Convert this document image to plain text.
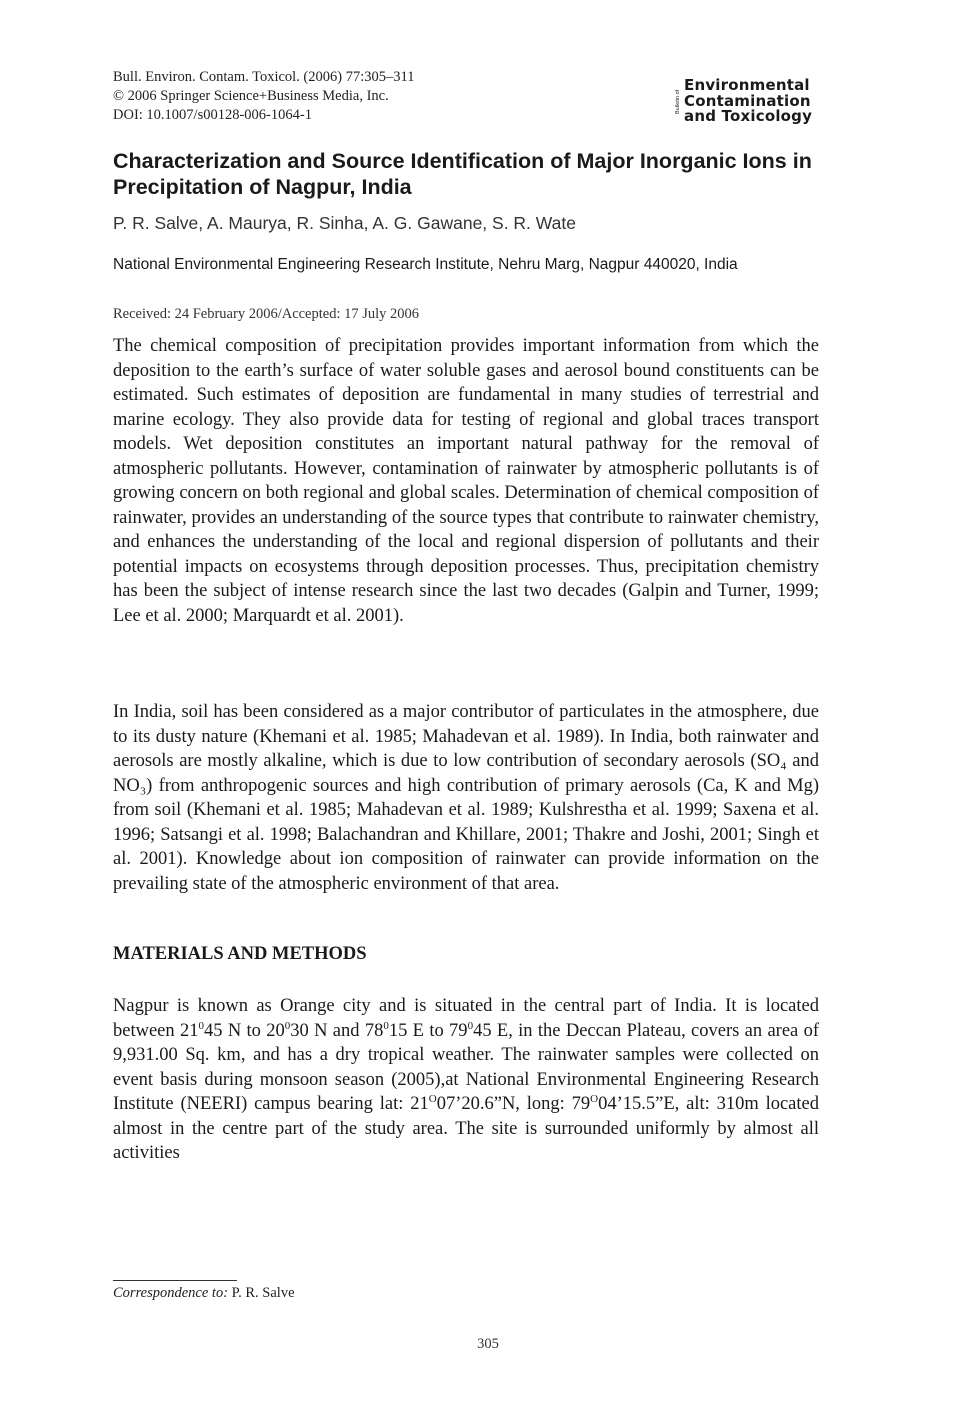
Bull. Environ. Contam. Toxicol. (2006) 77:305–311
© 2006 Springer Science+Business Media, Inc.
DOI: 10.1007/s00128-006-1064-1
Bulletin of
Environmental
Contamination
and Toxicology
Characterization and Source Identification of Major Inorganic Ions in Precipitation of Nagpur, India
P. R. Salve, A. Maurya, R. Sinha, A. G. Gawane, S. R. Wate
National Environmental Engineering Research Institute, Nehru Marg, Nagpur 440020, India
Received: 24 February 2006/Accepted: 17 July 2006

The chemical composition of precipitation provides important information from which the deposition to the earth’s surface of water soluble gases and aerosol bound constituents can be estimated. Such estimates of deposition are fundamental in many studies of terrestrial and marine ecology. They also provide data for testing of regional and global traces transport models. Wet deposition constitutes an important natural pathway for the removal of atmospheric pollutants. However, contamination of rainwater by atmospheric pollutants is of growing concern on both regional and global scales. Determination of chemical composition of rainwater, provides an understanding of the source types that contribute to rainwater chemistry, and enhances the understanding of the local and regional dispersion of pollutants and their potential impacts on ecosystems through deposition processes. Thus, precipitation chemistry has been the subject of intense research since the last two decades (Galpin and Turner, 1999; Lee et al. 2000; Marquardt et al. 2001).

In India, soil has been considered as a major contributor of particulates in the atmosphere, due to its dusty nature (Khemani et al. 1985; Mahadevan et al. 1989). In India, both rainwater and aerosols are mostly alkaline, which is due to low contribution of secondary aerosols (SO₄ and NO₃) from anthropogenic sources and high contribution of primary aerosols (Ca, K and Mg) from soil (Khemani et al. 1985; Mahadevan et al. 1989; Kulshrestha et al. 1999; Saxena et al. 1996; Satsangi et al. 1998; Balachandran and Khillare, 2001; Thakre and Joshi, 2001; Singh et al. 2001). Knowledge about ion composition of rainwater can provide information on the prevailing state of the atmospheric environment of that area.

MATERIALS AND METHODS

Nagpur is known as Orange city and is situated in the central part of India. It is located between $21^045$ N to $20^030$ N and $78^015$ E to $79^045$ E, in the Deccan Plateau, covers an area of 9,931.00 Sq. km, and has a dry tropical weather. The rainwater samples were collected on event basis during monsoon season (2005),at National Environmental Engineering Research Institute (NEERI) campus bearing lat: $21^O07’20.6”N$, long: $79^O04’15.5”E$, alt: 310m located almost in the centre part of the study area. The site is surrounded uniformly by almost all activities

Correspondence to: P. R. Salve
305
